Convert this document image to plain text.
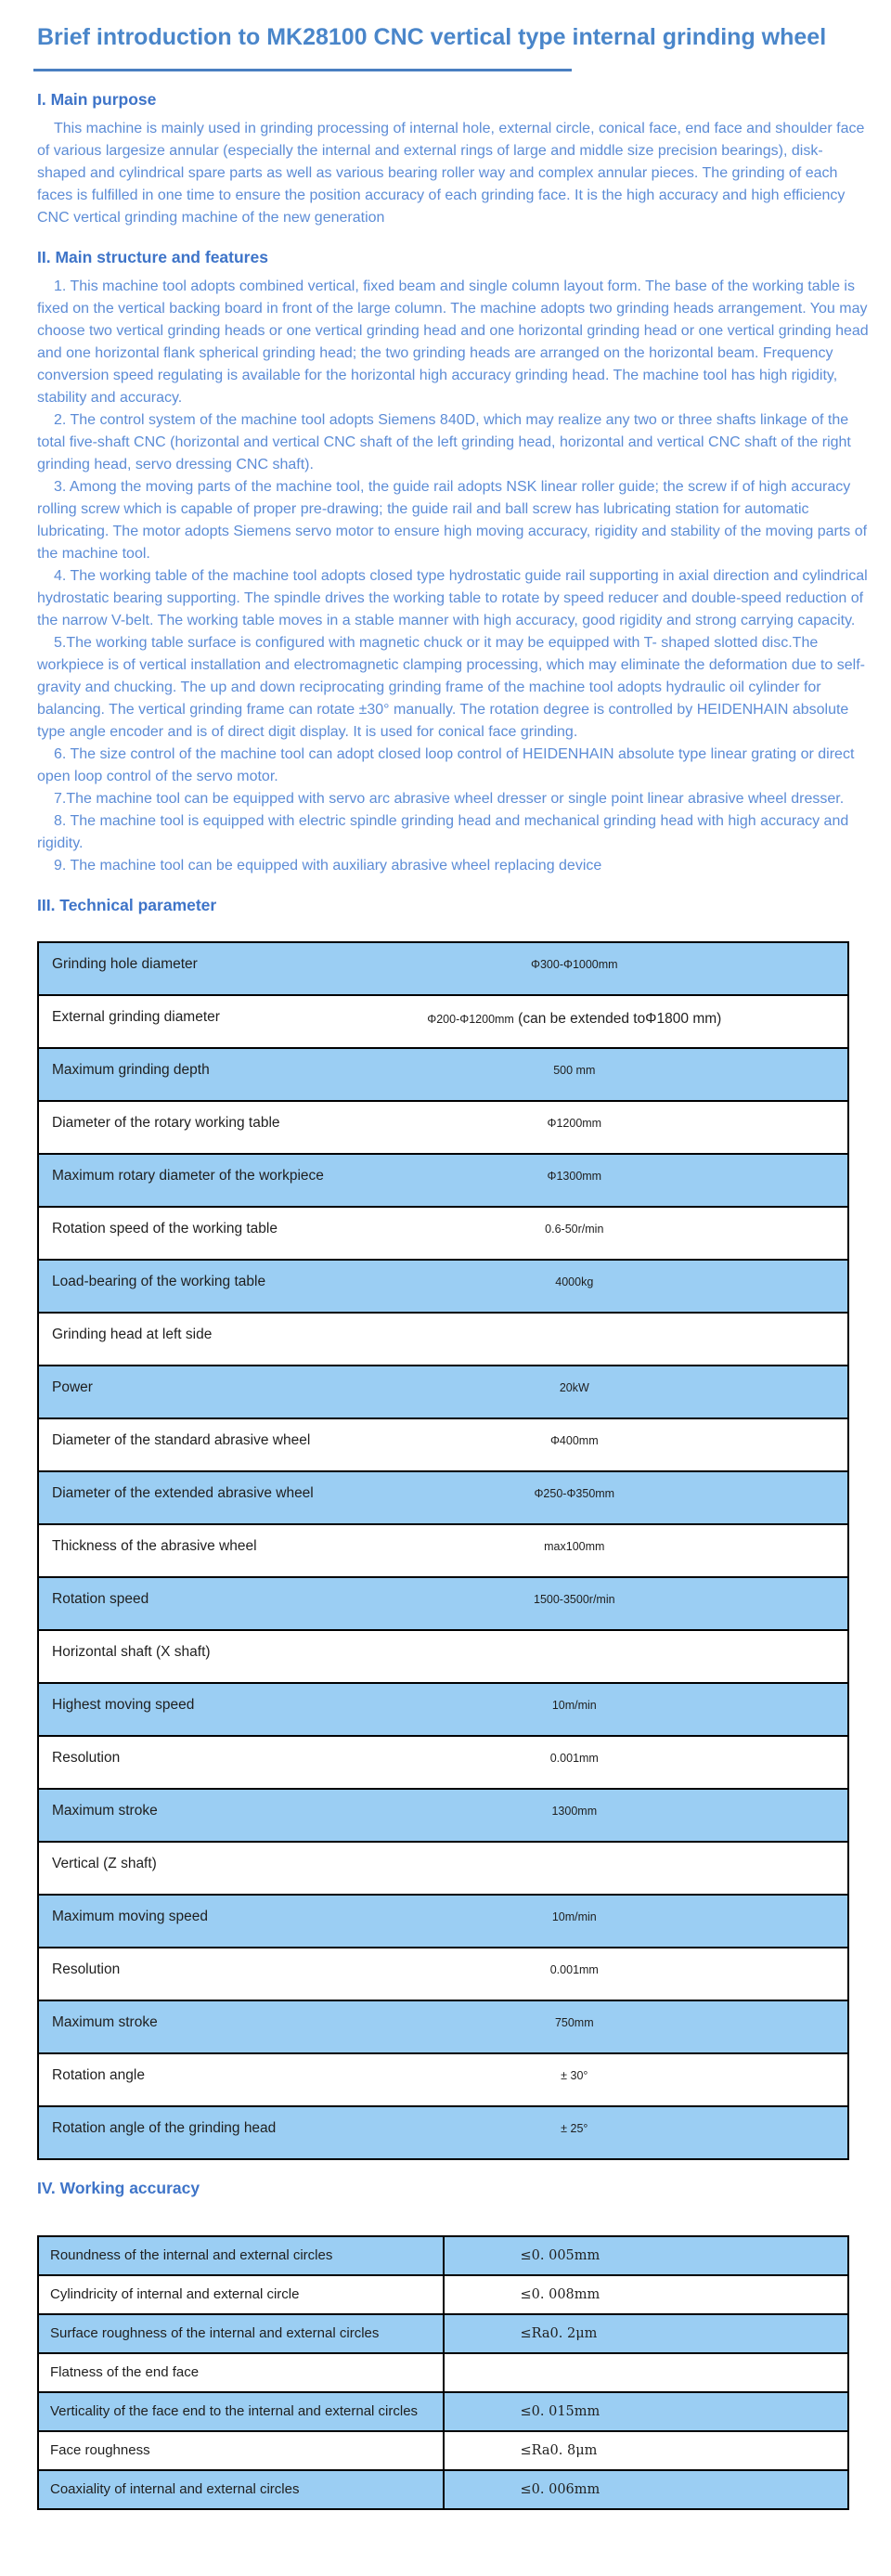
Brief introduction to MK28100 CNC vertical type internal grinding wheel
I. Main purpose

This machine is mainly used in grinding processing of internal hole, external circle, conical face, end face and shoulder face of various largesize annular (especially the internal and external rings of large and middle size precision bearings), disk-shaped and cylindrical spare parts as well as various bearing roller way and complex annular pieces. The grinding of each faces is fulfilled in one time to ensure the position accuracy of each grinding face. It is the high accuracy and high efficiency CNC vertical grinding machine of the new generation

II. Main structure and features

1. This machine tool adopts combined vertical, fixed beam and single column layout form. The base of the working table is fixed on the vertical backing board in front of the large column. The machine adopts two grinding heads arrangement. You may choose two vertical grinding heads or one vertical grinding head and one horizontal grinding head or one vertical grinding head and one horizontal flank spherical grinding head; the two grinding heads are arranged on the horizontal beam. Frequency conversion speed regulating is available for the horizontal high accuracy grinding head. The machine tool has high rigidity, stability and accuracy.

2. The control system of the machine tool adopts Siemens 840D, which may realize any two or three shafts linkage of the total five-shaft CNC (horizontal and vertical CNC shaft of the left grinding head, horizontal and vertical CNC shaft of the right grinding head, servo dressing CNC shaft).

3. Among the moving parts of the machine tool, the guide rail adopts NSK linear roller guide; the screw if of high accuracy rolling screw which is capable of proper pre-drawing; the guide rail and ball screw has lubricating station for automatic lubricating. The motor adopts Siemens servo motor to ensure high moving accuracy, rigidity and stability of the moving parts of the machine tool.

4. The working table of the machine tool adopts closed type hydrostatic guide rail supporting in axial direction and cylindrical hydrostatic bearing supporting. The spindle drives the working table to rotate by speed reducer and double-speed reduction of the narrow V-belt. The working table moves in a stable manner with high accuracy, good rigidity and strong carrying capacity.

5.The working table surface is configured with magnetic chuck or it may be equipped with T- shaped slotted disc.The workpiece is of vertical installation and electromagnetic clamping processing, which may eliminate the deformation due to self-gravity and chucking. The up and down reciprocating grinding frame of the machine tool adopts hydraulic oil cylinder for balancing. The vertical grinding frame can rotate ±30° manually. The rotation degree is controlled by HEIDENHAIN absolute type angle encoder and is of direct digit display. It is used for conical face grinding.

6. The size control of the machine tool can adopt closed loop control of HEIDENHAIN absolute type linear grating or direct open loop control of the servo motor.

7.The machine tool can be equipped with servo arc abrasive wheel dresser or single point linear abrasive wheel dresser.

8. The machine tool is equipped with electric spindle grinding head and mechanical grinding head with high accuracy and rigidity.

9. The machine tool can be equipped with auxiliary abrasive wheel replacing device

III. Technical parameter
Grinding hole diameter	Φ300-Φ1000mm
External grinding diameter	Φ200-Φ1200mm (can be extended toΦ1800 mm)
Maximum grinding depth	500 mm
Diameter of the rotary working table	Φ1200mm
Maximum rotary diameter of the workpiece	Φ1300mm
Rotation speed of the working table	0.6-50r/min
Load-bearing of the working table	4000kg
Grinding head at left side	
Power	20kW
Diameter of the standard abrasive wheel	Φ400mm
Diameter of the extended abrasive wheel	Φ250-Φ350mm
Thickness of the abrasive wheel	max100mm
Rotation speed	1500-3500r/min
Horizontal shaft (X shaft)	
Highest moving speed	10m/min
Resolution	0.001mm
Maximum stroke	1300mm
Vertical (Z shaft)	
Maximum moving speed	10m/min
Resolution	0.001mm
Maximum stroke	750mm
Rotation angle	± 30°
Rotation angle of the grinding head	± 25°
IV. Working accuracy
Roundness of the internal and external circles	≤0. 005mm
Cylindricity of internal and external circle	≤0. 008mm
Surface roughness of the internal and external circles	≤Ra0. 2μm
Flatness of the end face	
Verticality of the face end to the internal and external circles	≤0. 015mm
Face roughness	≤Ra0. 8μm
Coaxiality of internal and external circles	≤0. 006mm
